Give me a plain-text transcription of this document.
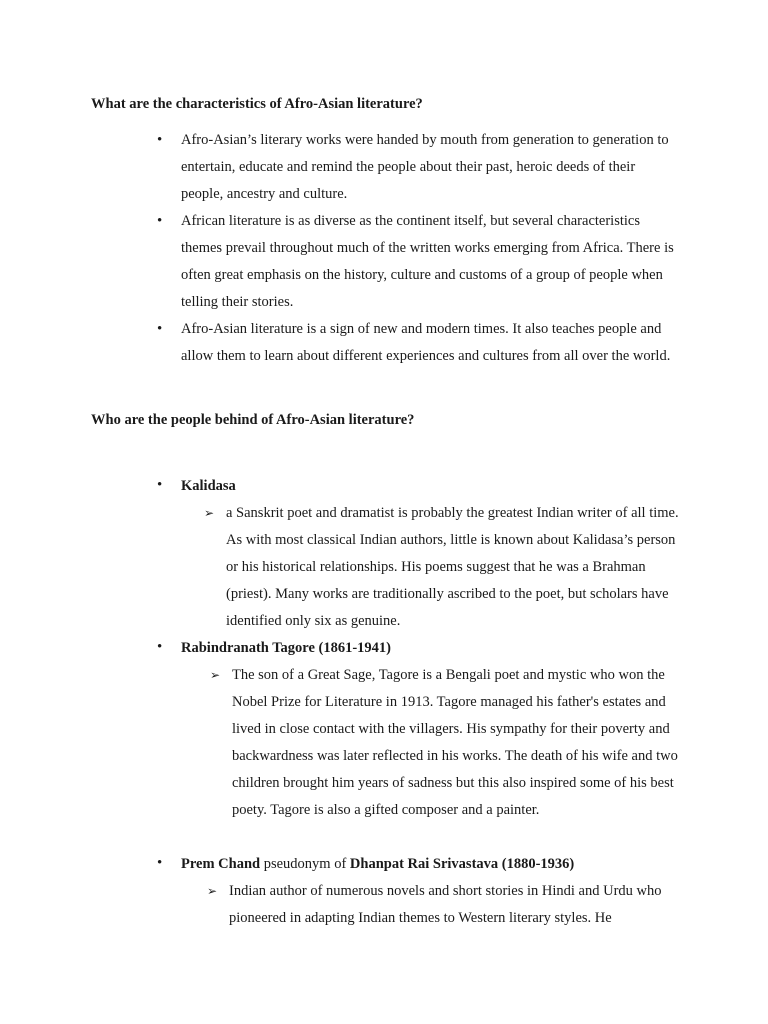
What are the characteristics of Afro-Asian literature?
• Afro-Asian’s literary works were handed by mouth from generation to generation to entertain, educate and remind the people about their past, heroic deeds of their people, ancestry and culture.
• African literature is as diverse as the continent itself, but several characteristics themes prevail throughout much of the written works emerging from Africa. There is often great emphasis on the history, culture and customs of a group of people when telling their stories.
• Afro-Asian literature is a sign of new and modern times. It also teaches people and allow them to learn about different experiences and cultures from all over the world.
Who are the people behind of Afro-Asian literature?
• Kalidasa
➢ a Sanskrit poet and dramatist is probably the greatest Indian writer of all time. As with most classical Indian authors, little is known about Kalidasa’s person or his historical relationships. His poems suggest that he was a Brahman (priest). Many works are traditionally ascribed to the poet, but scholars have identified only six as genuine.
• Rabindranath Tagore (1861-1941)
➢ The son of a Great Sage, Tagore is a Bengali poet and mystic who won the Nobel Prize for Literature in 1913. Tagore managed his father's estates and lived in close contact with the villagers. His sympathy for their poverty and backwardness was later reflected in his works. The death of his wife and two children brought him years of sadness but this also inspired some of his best poety. Tagore is also a gifted composer and a painter.
• Prem Chand pseudonym of Dhanpat Rai Srivastava (1880-1936)
➢ Indian author of numerous novels and short stories in Hindi and Urdu who pioneered in adapting Indian themes to Western literary styles. He
